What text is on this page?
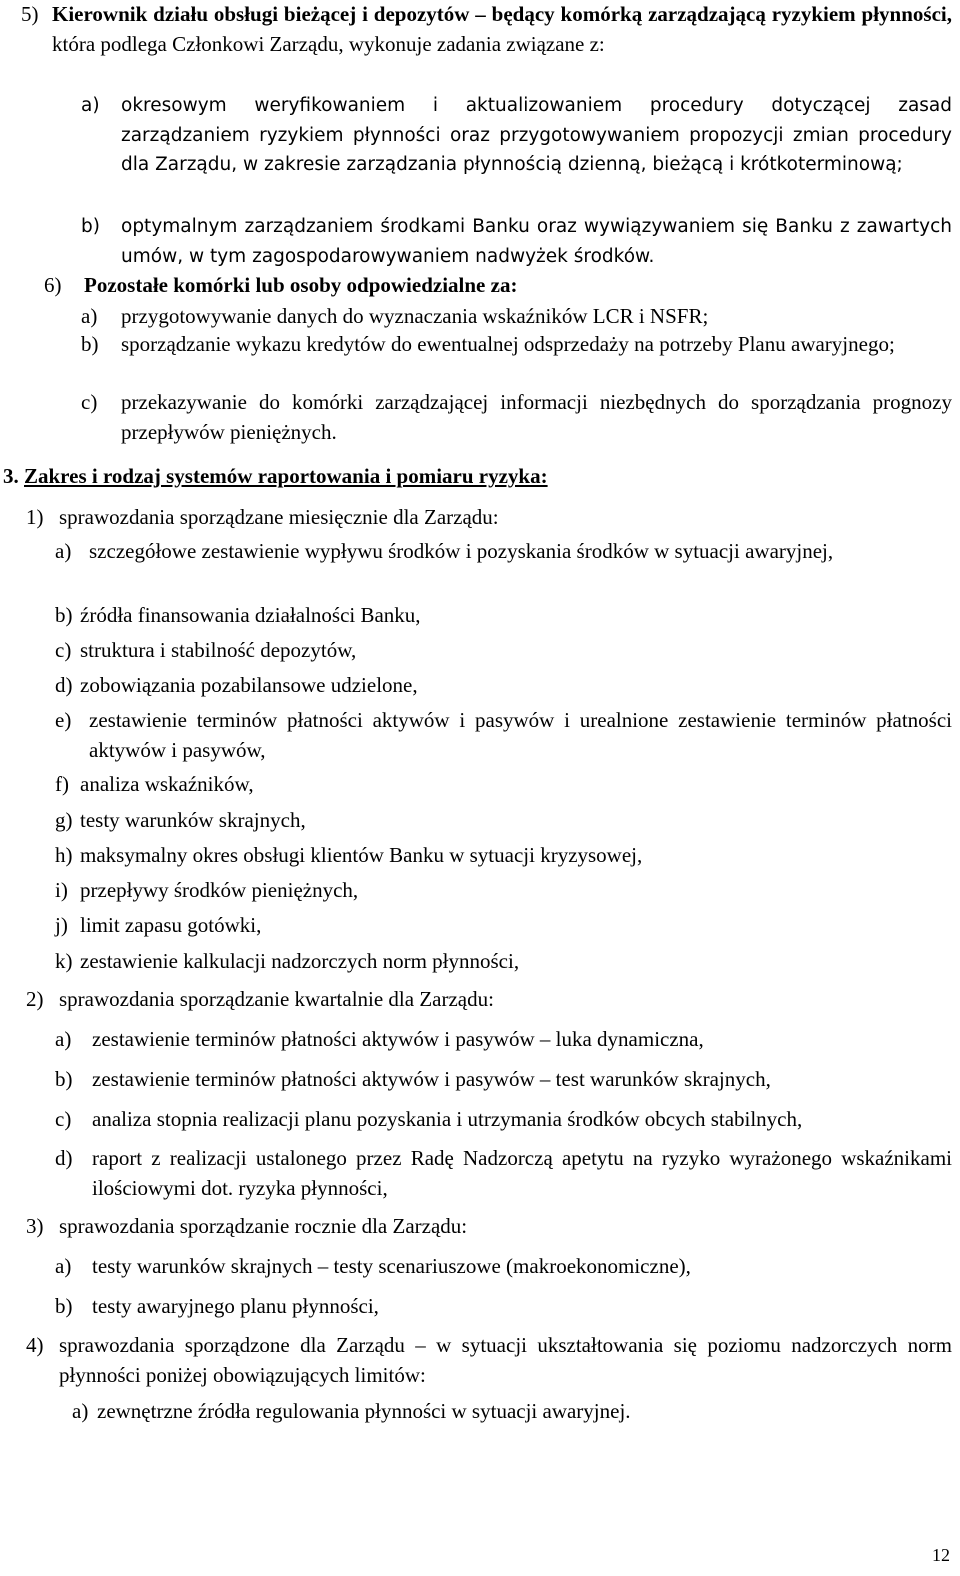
5) Kierownik działu obsługi bieżącej i depozytów – będący komórką zarządzającą ryzykiem płynności, która podlega Członkowi Zarządu, wykonuje zadania związane z:
a) okresowym weryfikowaniem i aktualizowaniem procedury dotyczącej zasad zarządzaniem ryzykiem płynności oraz przygotowywaniem propozycji zmian procedury dla Zarządu, w zakresie zarządzania płynnością dzienną, bieżącą i krótkoterminową;
b) optymalnym zarządzaniem środkami Banku oraz wywiązywaniem się Banku z zawartych umów, w tym zagospodarowywaniem nadwyżek środków.
6) Pozostałe komórki lub osoby odpowiedzialne za:
a) przygotowywanie danych do wyznaczania wskaźników LCR i NSFR;
b) sporządzanie wykazu kredytów do ewentualnej odsprzedaży na potrzeby Planu awaryjnego;
c) przekazywanie do komórki zarządzającej informacji niezbędnych do sporządzania prognozy przepływów pieniężnych.
3. Zakres i rodzaj systemów raportowania i pomiaru ryzyka:
1) sprawozdania sporządzane miesięcznie dla Zarządu:
a) szczegółowe zestawienie wypływu środków i pozyskania środków w sytuacji awaryjnej,
b) źródła finansowania działalności Banku,
c) struktura i stabilność depozytów,
d) zobowiązania pozabilansowe udzielone,
e) zestawienie terminów płatności aktywów i pasywów i urealnione zestawienie terminów płatności aktywów i pasywów,
f) analiza wskaźników,
g) testy warunków skrajnych,
h) maksymalny okres obsługi klientów Banku w sytuacji kryzysowej,
i) przepływy środków pieniężnych,
j) limit zapasu gotówki,
k) zestawienie kalkulacji nadzorczych norm płynności,
2) sprawozdania sporządzanie kwartalnie dla Zarządu:
a) zestawienie terminów płatności aktywów i pasywów – luka dynamiczna,
b) zestawienie terminów płatności aktywów i pasywów – test warunków skrajnych,
c) analiza stopnia realizacji planu pozyskania i utrzymania środków obcych stabilnych,
d) raport z realizacji ustalonego przez Radę Nadzorczą apetytu na ryzyko wyrażonego wskaźnikami ilościowymi dot. ryzyka płynności,
3) sprawozdania sporządzanie rocznie dla Zarządu:
a) testy warunków skrajnych – testy scenariuszowe (makroekonomiczne),
b) testy awaryjnego planu płynności,
4) sprawozdania sporządzone dla Zarządu – w sytuacji ukształtowania się poziomu nadzorczych norm płynności poniżej obowiązujących limitów:
a) zewnętrzne źródła regulowania płynności w sytuacji awaryjnej.
12
